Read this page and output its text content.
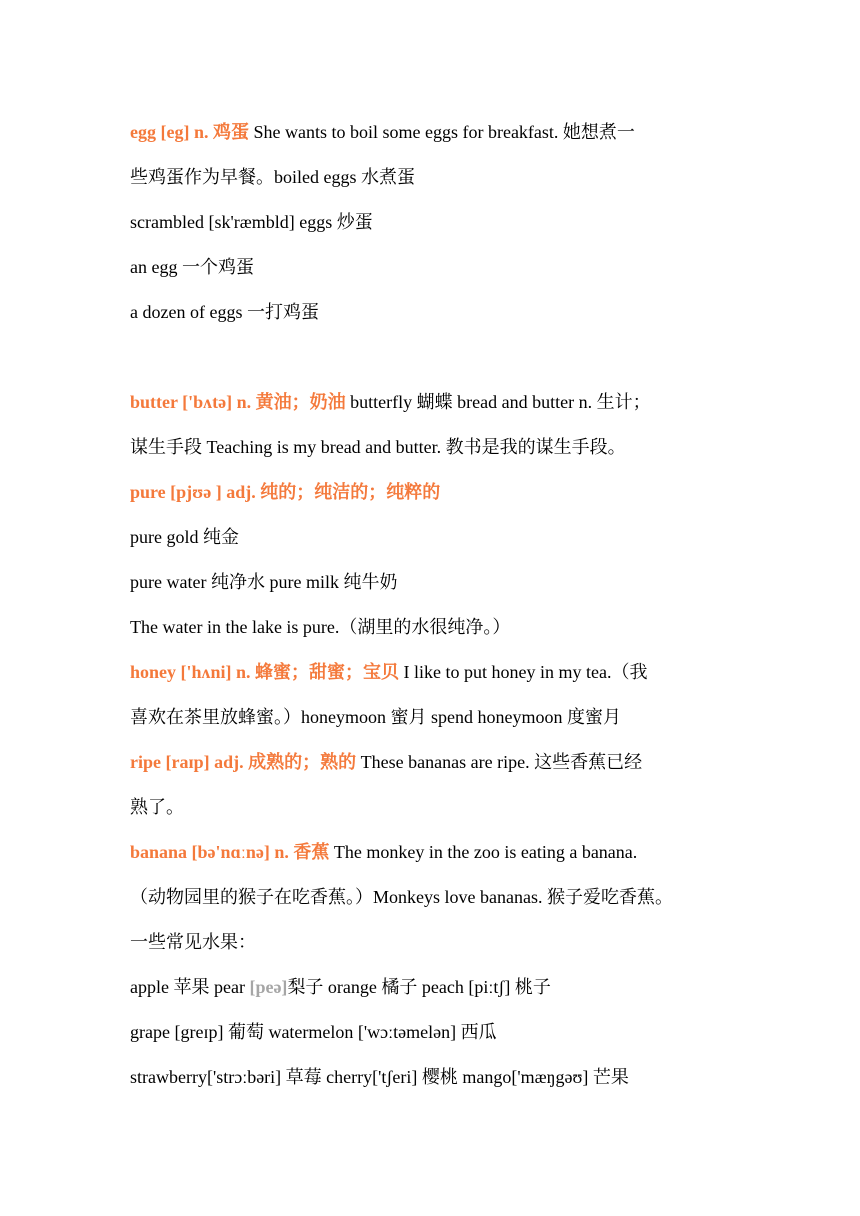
egg [eg] n. 鸡蛋 She wants to boil some eggs for breakfast. 她想煮一
些鸡蛋作为早餐。boiled eggs 水煮蛋
scrambled [sk'ræmbld] eggs 炒蛋
an egg 一个鸡蛋
a dozen of eggs 一打鸡蛋
butter ['bʌtə] n. 黄油；奶油 butterfly 蝴蝶 bread and butter n. 生计；
谋生手段 Teaching is my bread and butter. 教书是我的谋生手段。
pure [pjʊə ] adj. 纯的；纯洁的；纯粹的
pure gold 纯金
pure water 纯净水 pure milk 纯牛奶
The water in the lake is pure.（湖里的水很纯净。）
honey ['hʌni] n. 蜂蜜；甜蜜；宝贝 I like to put honey in my tea.（我
喜欢在茶里放蜂蜜。）honeymoon 蜜月 spend honeymoon 度蜜月
ripe [raɪp] adj. 成熟的；熟的 These bananas are ripe. 这些香蕉已经
熟了。
banana [bə'nɑːnə] n. 香蕉 The monkey in the zoo is eating a banana.
（动物园里的猴子在吃香蕉。）Monkeys love bananas. 猴子爱吃香蕉。
一些常见水果：
apple 苹果 pear [peə]梨子 orange 橘子 peach [piːtʃ] 桃子
grape [greɪp] 葡萄 watermelon ['wɔːtəmelən] 西瓜
strawberry['strɔːbəri] 草莓 cherry['tʃeri] 樱桃 mango['mæŋgəʊ] 芒果
